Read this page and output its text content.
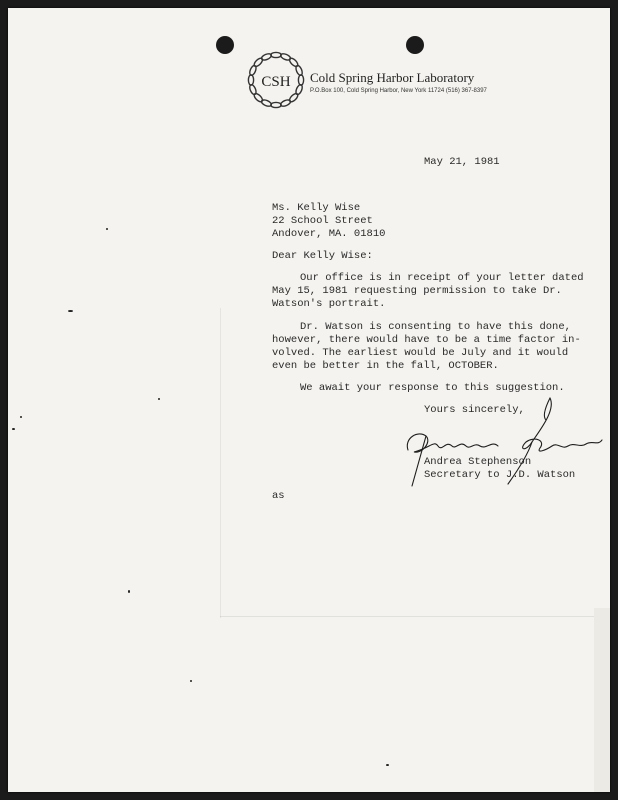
CSH Cold Spring Harbor Laboratory
P.O.Box 100, Cold Spring Harbor, New York 11724 (516) 367-8397
May 21, 1981
Ms. Kelly Wise
22 School Street
Andover, MA. 01810
Dear Kelly Wise:
Our office is in receipt of your letter dated
May 15, 1981 requesting permission to take Dr.
Watson's portrait.
Dr. Watson is consenting to have this done,
however, there would have to be a time factor in-
volved. The earliest would be July and it would
even be better in the fall, OCTOBER.
We await your response to this suggestion.
Yours sincerely,
Andrea Stephenson
Secretary to J.D. Watson
as
